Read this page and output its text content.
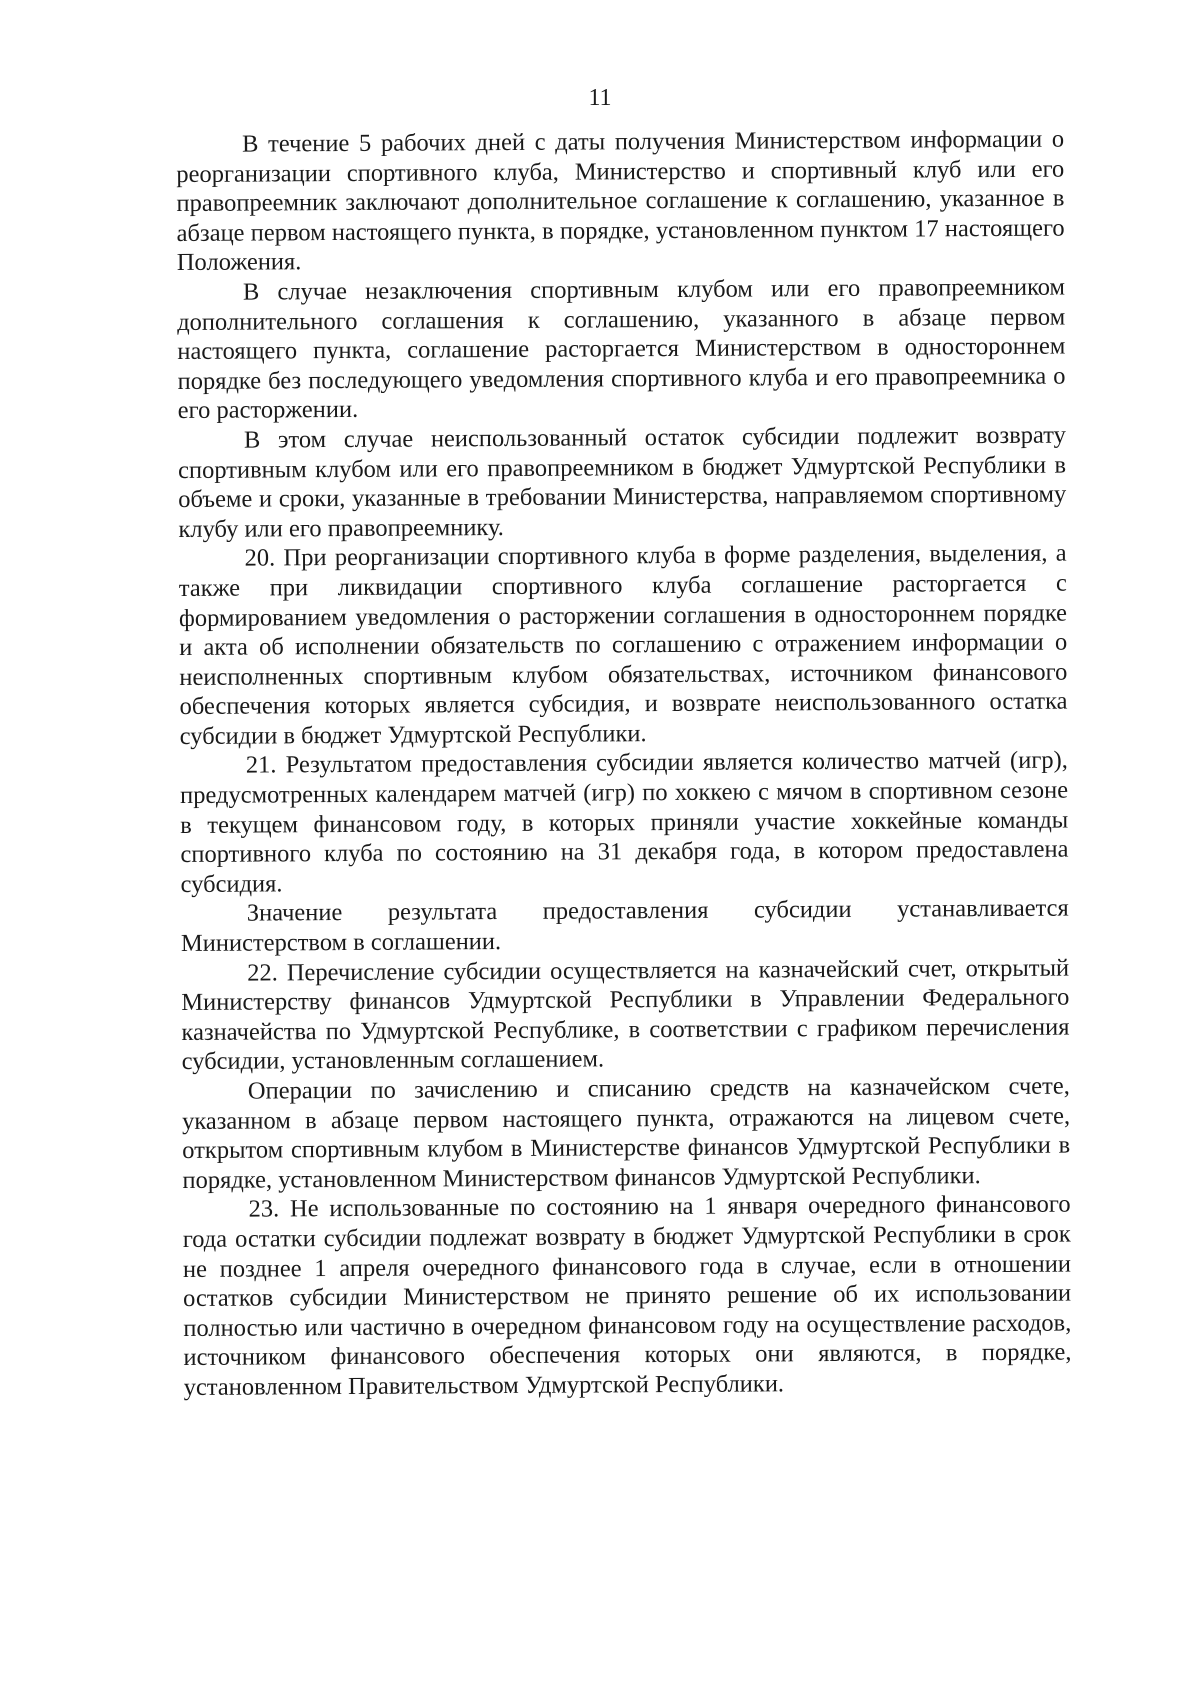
11

В течение 5 рабочих дней с даты получения Министерством информации о реорганизации спортивного клуба, Министерство и спортивный клуб или его правопреемник заключают дополнительное соглашение к соглашению, указанное в абзаце первом настоящего пункта, в порядке, установленном пунктом 17 настоящего Положения.

В случае незаключения спортивным клубом или его правопреемником дополнительного соглашения к соглашению, указанного в абзаце первом настоящего пункта, соглашение расторгается Министерством в одностороннем порядке без последующего уведомления спортивного клуба и его правопреемника о его расторжении.

В этом случае неиспользованный остаток субсидии подлежит возврату спортивным клубом или его правопреемником в бюджет Удмуртской Республики в объеме и сроки, указанные в требовании Министерства, направляемом спортивному клубу или его правопреемнику.

20. При реорганизации спортивного клуба в форме разделения, выделения, а также при ликвидации спортивного клуба соглашение расторгается с формированием уведомления о расторжении соглашения в одностороннем порядке и акта об исполнении обязательств по соглашению с отражением информации о неисполненных спортивным клубом обязательствах, источником финансового обеспечения которых является субсидия, и возврате неиспользованного остатка субсидии в бюджет Удмуртской Республики.

21. Результатом предоставления субсидии является количество матчей (игр), предусмотренных календарем матчей (игр) по хоккею с мячом в спортивном сезоне в текущем финансовом году, в которых приняли участие хоккейные команды спортивного клуба по состоянию на 31 декабря года, в котором предоставлена субсидия.

Значение результата предоставления субсидии устанавливается Министерством в соглашении.

22. Перечисление субсидии осуществляется на казначейский счет, открытый Министерству финансов Удмуртской Республики в Управлении Федерального казначейства по Удмуртской Республике, в соответствии с графиком перечисления субсидии, установленным соглашением.

Операции по зачислению и списанию средств на казначейском счете, указанном в абзаце первом настоящего пункта, отражаются на лицевом счете, открытом спортивным клубом в Министерстве финансов Удмуртской Республики в порядке, установленном Министерством финансов Удмуртской Республики.

23. Не использованные по состоянию на 1 января очередного финансового года остатки субсидии подлежат возврату в бюджет Удмуртской Республики в срок не позднее 1 апреля очередного финансового года в случае, если в отношении остатков субсидии Министерством не принято решение об их использовании полностью или частично в очередном финансовом году на осуществление расходов, источником финансового обеспечения которых они являются, в порядке, установленном Правительством Удмуртской Республики.
